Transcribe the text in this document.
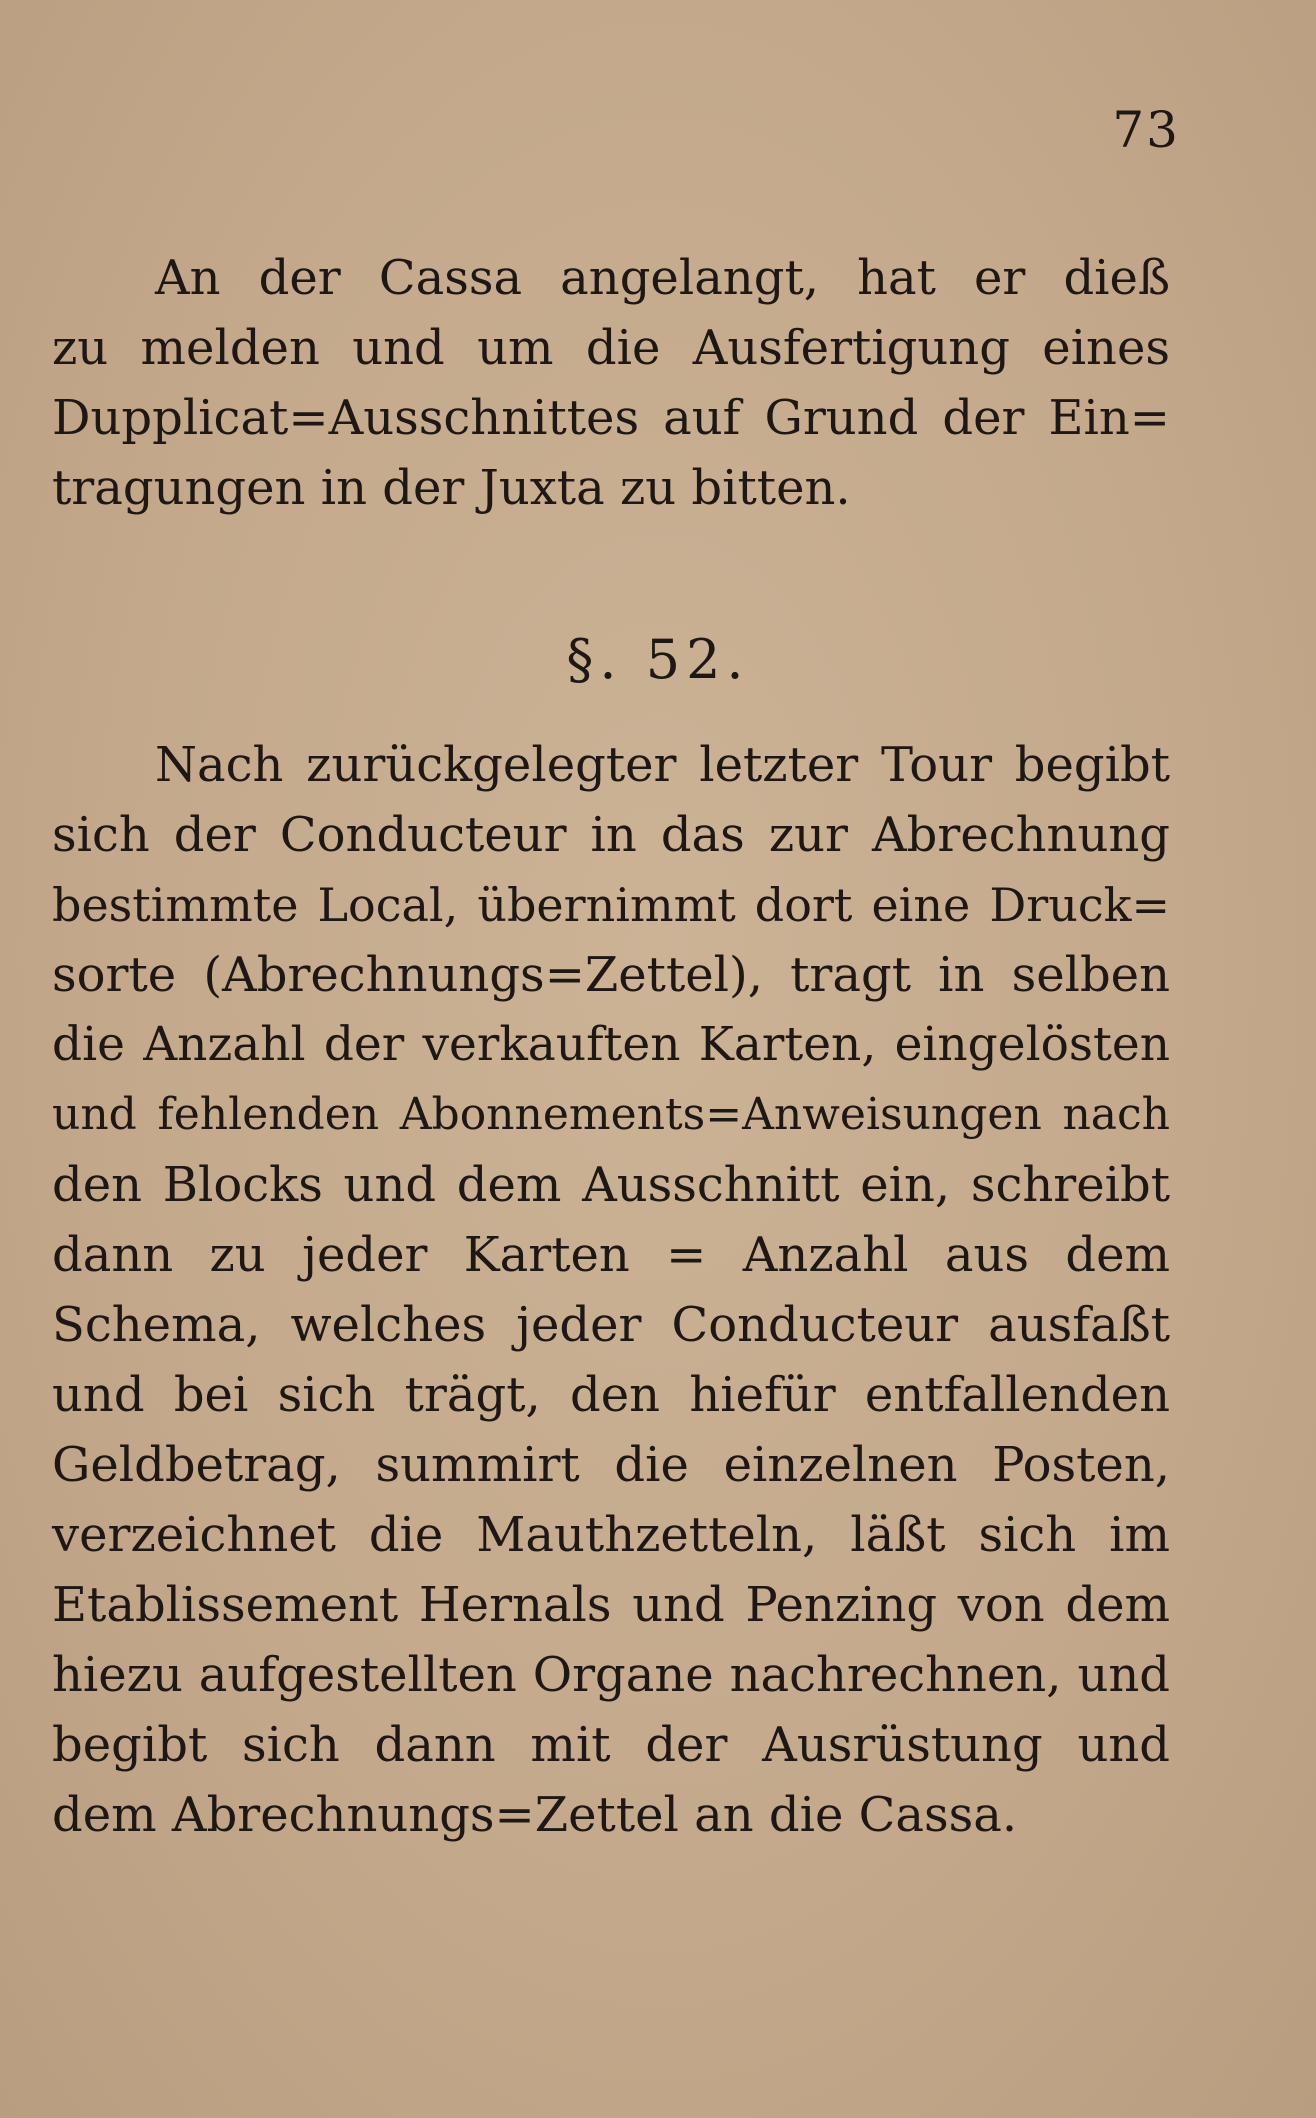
73
An der Cassa angelangt, hat er dieß
zu melden und um die Ausfertigung eines
Dupplicat=Ausschnittes auf Grund der Ein=
tragungen in der Juxta zu bitten.
§. 52.
Nach zurückgelegter letzter Tour begibt
sich der Conducteur in das zur Abrechnung
bestimmte Local, übernimmt dort eine Druck=
sorte (Abrechnungs=Zettel), tragt in selben
die Anzahl der verkauften Karten, eingelösten
und fehlenden Abonnements=Anweisungen nach
den Blocks und dem Ausschnitt ein, schreibt
dann zu jeder Karten = Anzahl aus dem
Schema, welches jeder Conducteur ausfaßt
und bei sich trägt, den hiefür entfallenden
Geldbetrag, summirt die einzelnen Posten,
verzeichnet die Mauthzetteln, läßt sich im
Etablissement Hernals und Penzing von dem
hiezu aufgestellten Organe nachrechnen, und
begibt sich dann mit der Ausrüstung und
dem Abrechnungs=Zettel an die Cassa.
